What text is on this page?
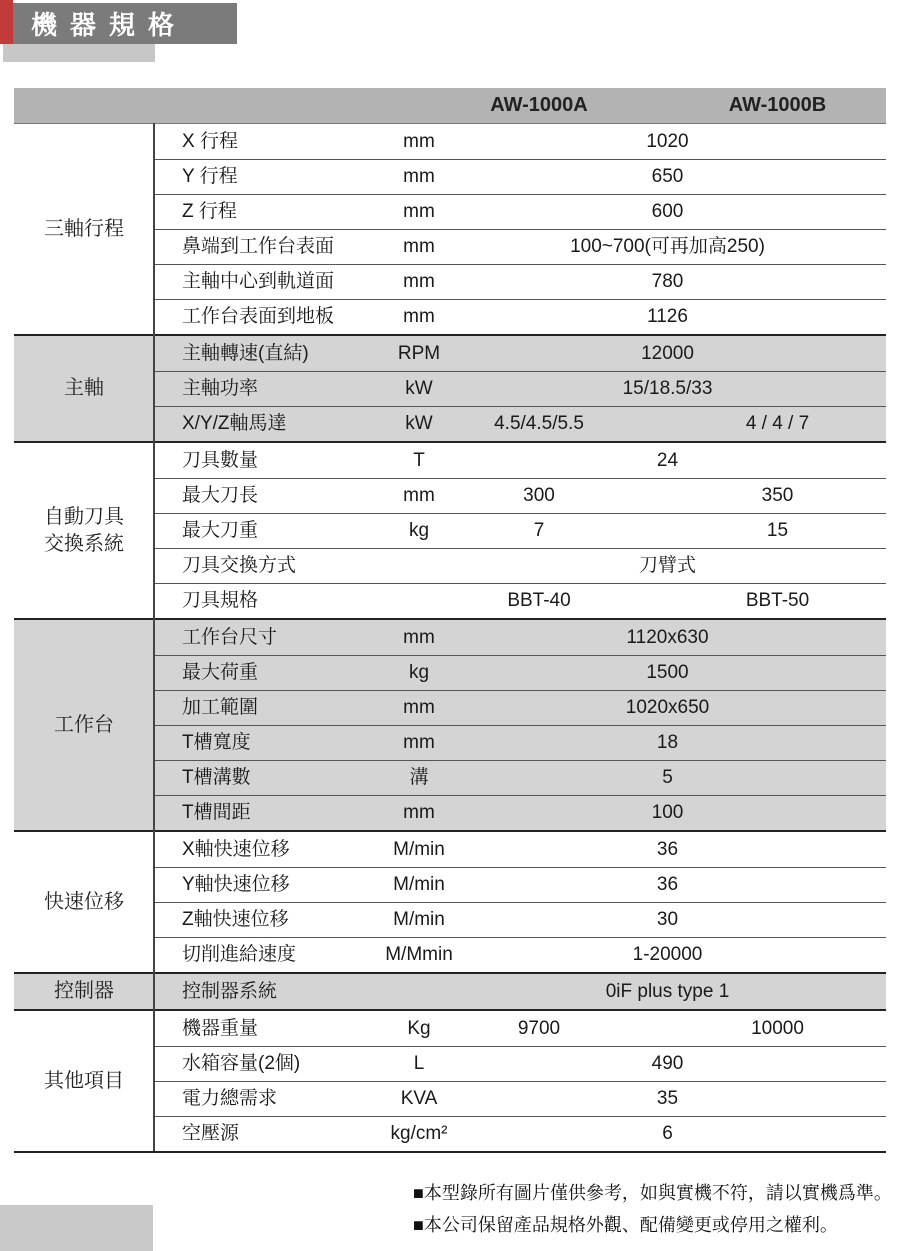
機器規格
AW-1000A	AW-1000B
三軸行程
X 行程	mm	1020
Y 行程	mm	650
Z 行程	mm	600
鼻端到工作台表面	mm	100~700(可再加高250)
主軸中心到軌道面	mm	780
工作台表面到地板	mm	1126
主軸
主軸轉速(直結)	RPM	12000
主軸功率	kW	15/18.5/33
X/Y/Z軸馬達	kW	4.5/4.5/5.5	4 / 4 / 7
自動刀具交換系統
刀具數量	T	24
最大刀長	mm	300	350
最大刀重	kg	7	15
刀具交換方式	刀臂式
刀具規格	BBT-40	BBT-50
工作台
工作台尺寸	mm	1120x630
最大荷重	kg	1500
加工範圍	mm	1020x650
T槽寬度	mm	18
T槽溝數	溝	5
T槽間距	mm	100
快速位移
X軸快速位移	M/min	36
Y軸快速位移	M/min	36
Z軸快速位移	M/min	30
切削進給速度	M/Mmin	1-20000
控制器	控制器系統	0iF plus type 1
其他項目
機器重量	Kg	9700	10000
水箱容量(2個)	L	490
電力總需求	KVA	35
空壓源	kg/cm²	6
■本型錄所有圖片僅供參考，如與實機不符，請以實機爲準。
■本公司保留產品規格外觀、配備變更或停用之權利。
